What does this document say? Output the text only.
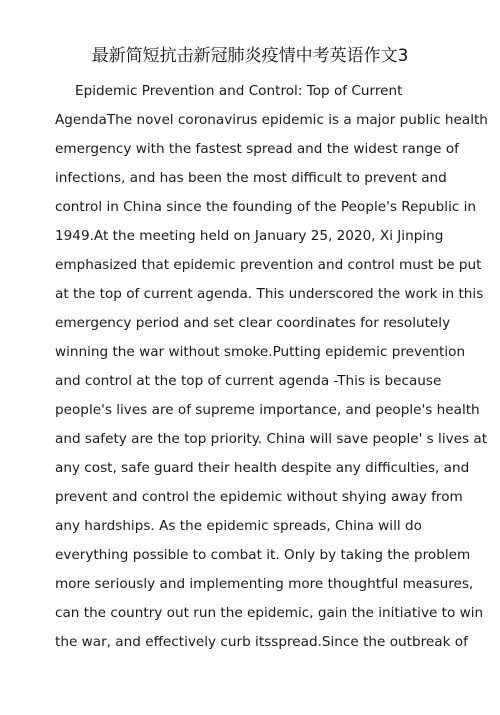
最新简短抗击新冠肺炎疫情中考英语作文3
Epidemic Prevention and Control: Top of Current
AgendaThe novel coronavirus epidemic is a major public health
emergency with the fastest spread and the widest range of
infections, and has been the most difficult to prevent and
control in China since the founding of the People's Republic in
1949.At the meeting held on January 25, 2020, Xi Jinping
emphasized that epidemic prevention and control must be put
at the top of current agenda. This underscored the work in this
emergency period and set clear coordinates for resolutely
winning the war without smoke.Putting epidemic prevention
and control at the top of current agenda -This is because
people's lives are of supreme importance, and people's health
and safety are the top priority. China will save people' s lives at
any cost, safe guard their health despite any difficulties, and
prevent and control the epidemic without shying away from
any hardships. As the epidemic spreads, China will do
everything possible to combat it. Only by taking the problem
more seriously and implementing more thoughtful measures,
can the country out run the epidemic, gain the initiative to win
the war, and effectively curb itsspread.Since the outbreak of
